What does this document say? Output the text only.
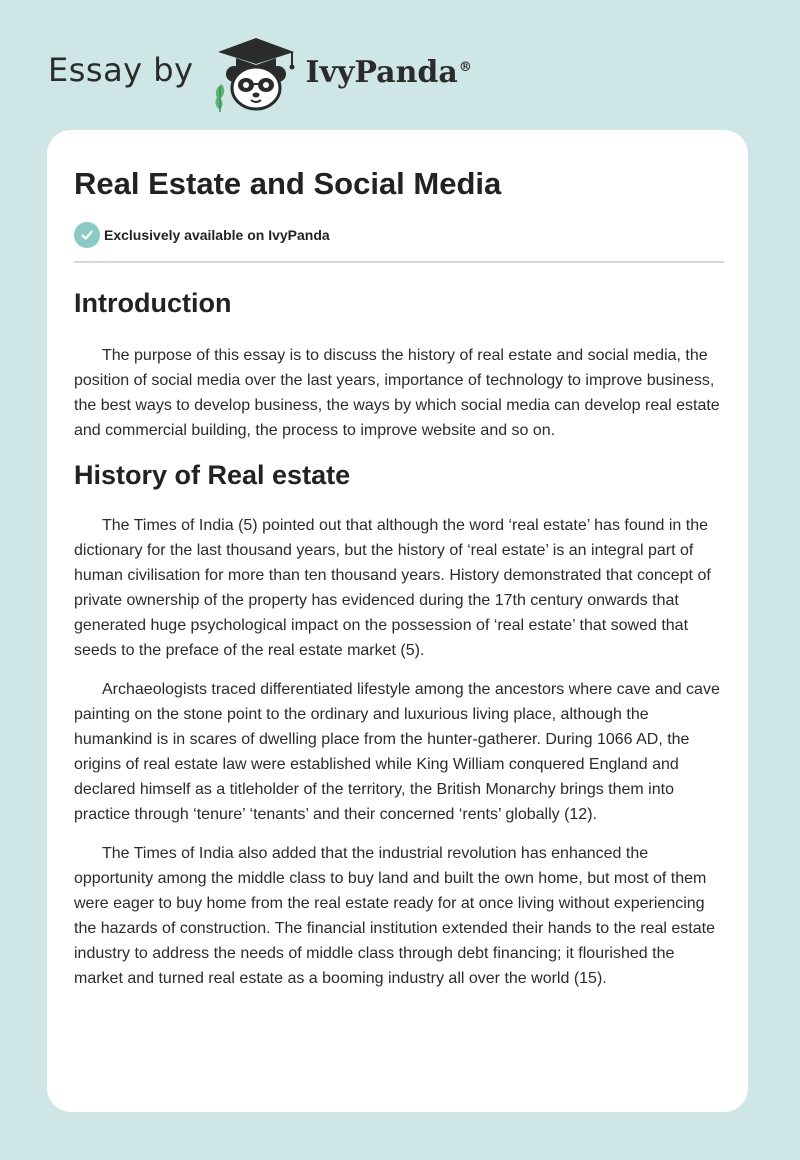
Essay by	IvyPanda®
Real Estate and Social Media
Exclusively available on IvyPanda
Introduction

The purpose of this essay is to discuss the history of real estate and social media, the position of social media over the last years, importance of technology to improve business, the best ways to develop business, the ways by which social media can develop real estate and commercial building, the process to improve website and so on.

History of Real estate

The Times of India (5) pointed out that although the word ‘real estate’ has found in the dictionary for the last thousand years, but the history of ‘real estate’ is an integral part of human civilisation for more than ten thousand years. History demonstrated that concept of private ownership of the property has evidenced during the 17th century onwards that generated huge psychological impact on the possession of ‘real estate’ that sowed that seeds to the preface of the real estate market (5).

Archaeologists traced differentiated lifestyle among the ancestors where cave and cave painting on the stone point to the ordinary and luxurious living place, although the humankind is in scares of dwelling place from the hunter-gatherer. During 1066 AD, the origins of real estate law were established while King William conquered England and declared himself as a titleholder of the territory, the British Monarchy brings them into practice through ‘tenure’ ‘tenants’ and their concerned ‘rents’ globally (12).

The Times of India also added that the industrial revolution has enhanced the opportunity among the middle class to buy land and built the own home, but most of them were eager to buy home from the real estate ready for at once living without experiencing the hazards of construction. The financial institution extended their hands to the real estate industry to address the needs of middle class through debt financing; it flourished the market and turned real estate as a booming industry all over the world (15).
